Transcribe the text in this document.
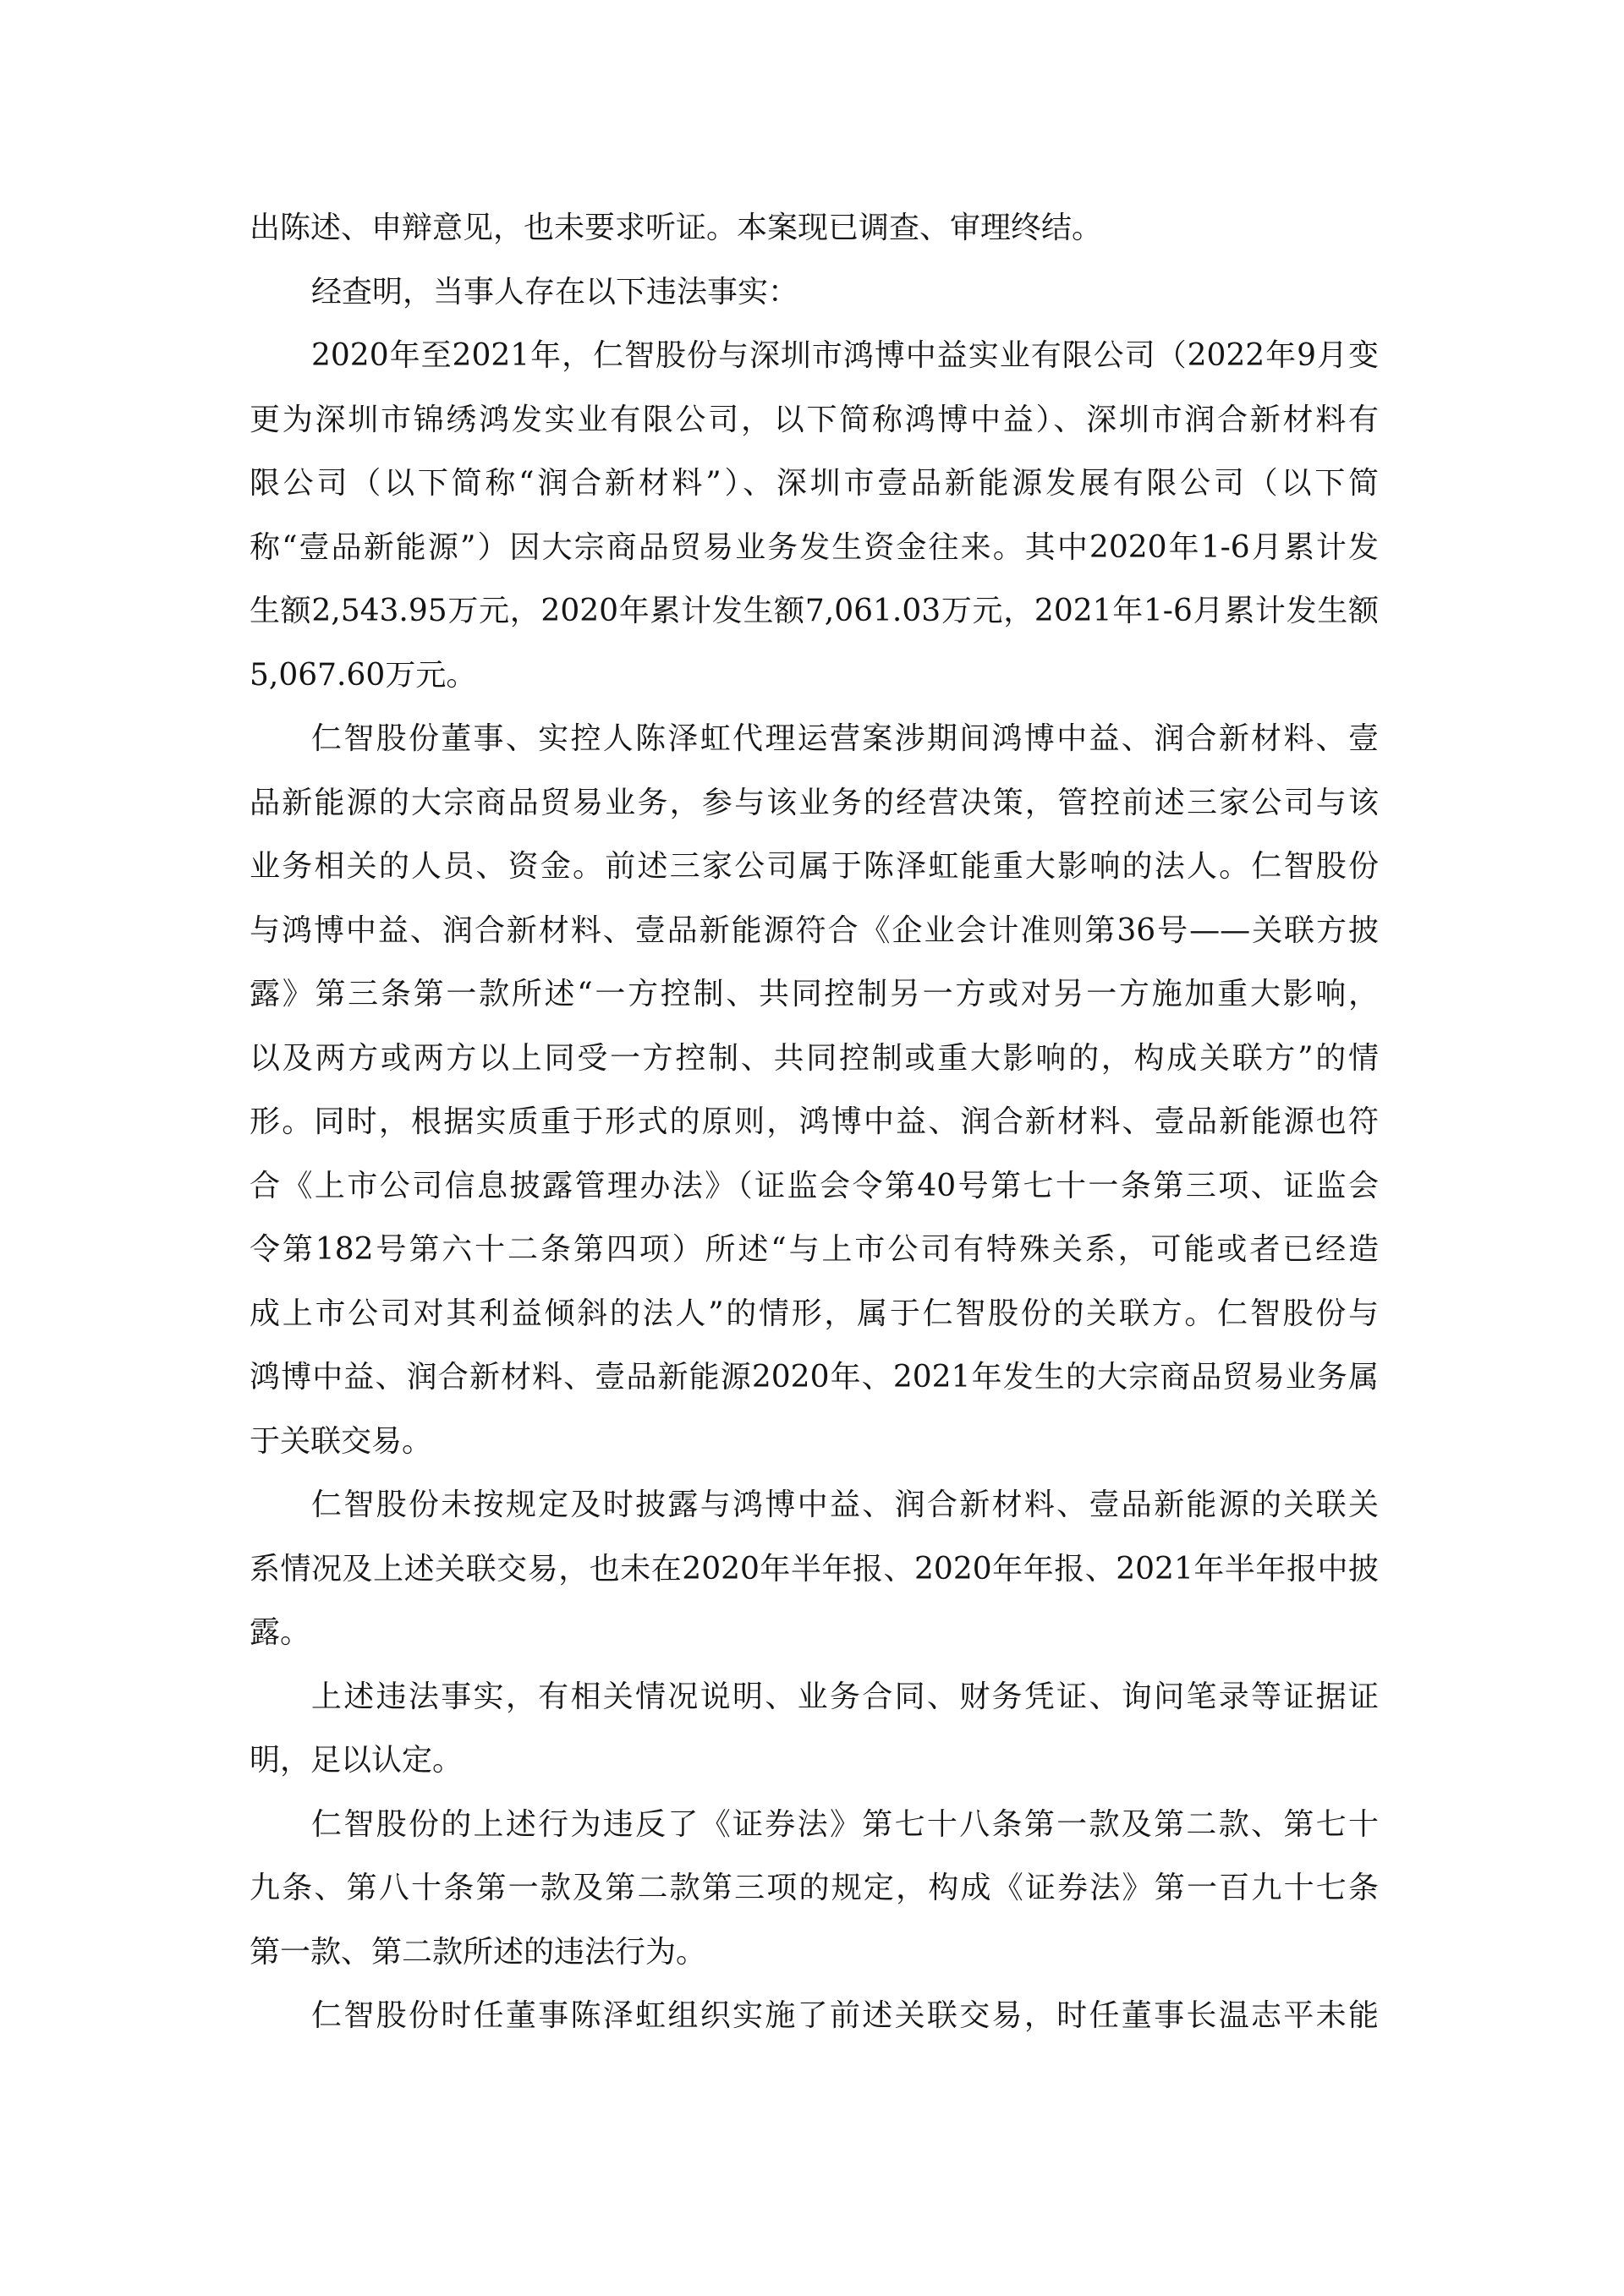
出陈述、申辩意见，也未要求听证。本案现已调查、审理终结。
经查明，当事人存在以下违法事实：
2020年至2021年，仁智股份与深圳市鸿博中益实业有限公司（2022年9月变
更为深圳市锦绣鸿发实业有限公司，以下简称鸿博中益）、深圳市润合新材料有
限公司（以下简称“润合新材料”）、深圳市壹品新能源发展有限公司（以下简
称“壹品新能源”）因大宗商品贸易业务发生资金往来。其中2020年1-6月累计发
生额2,543.95万元，2020年累计发生额7,061.03万元，2021年1-6月累计发生额
5,067.60万元。
仁智股份董事、实控人陈泽虹代理运营案涉期间鸿博中益、润合新材料、壹
品新能源的大宗商品贸易业务，参与该业务的经营决策，管控前述三家公司与该
业务相关的人员、资金。前述三家公司属于陈泽虹能重大影响的法人。仁智股份
与鸿博中益、润合新材料、壹品新能源符合《企业会计准则第36号——关联方披
露》第三条第一款所述“一方控制、共同控制另一方或对另一方施加重大影响，
以及两方或两方以上同受一方控制、共同控制或重大影响的，构成关联方”的情
形。同时，根据实质重于形式的原则，鸿博中益、润合新材料、壹品新能源也符
合《上市公司信息披露管理办法》（证监会令第40号第七十一条第三项、证监会
令第182号第六十二条第四项）所述“与上市公司有特殊关系，可能或者已经造
成上市公司对其利益倾斜的法人”的情形，属于仁智股份的关联方。仁智股份与
鸿博中益、润合新材料、壹品新能源2020年、2021年发生的大宗商品贸易业务属
于关联交易。
仁智股份未按规定及时披露与鸿博中益、润合新材料、壹品新能源的关联关
系情况及上述关联交易，也未在2020年半年报、2020年年报、2021年半年报中披
露。
上述违法事实，有相关情况说明、业务合同、财务凭证、询问笔录等证据证
明，足以认定。
仁智股份的上述行为违反了《证券法》第七十八条第一款及第二款、第七十
九条、第八十条第一款及第二款第三项的规定，构成《证券法》第一百九十七条
第一款、第二款所述的违法行为。
仁智股份时任董事陈泽虹组织实施了前述关联交易，时任董事长温志平未能
